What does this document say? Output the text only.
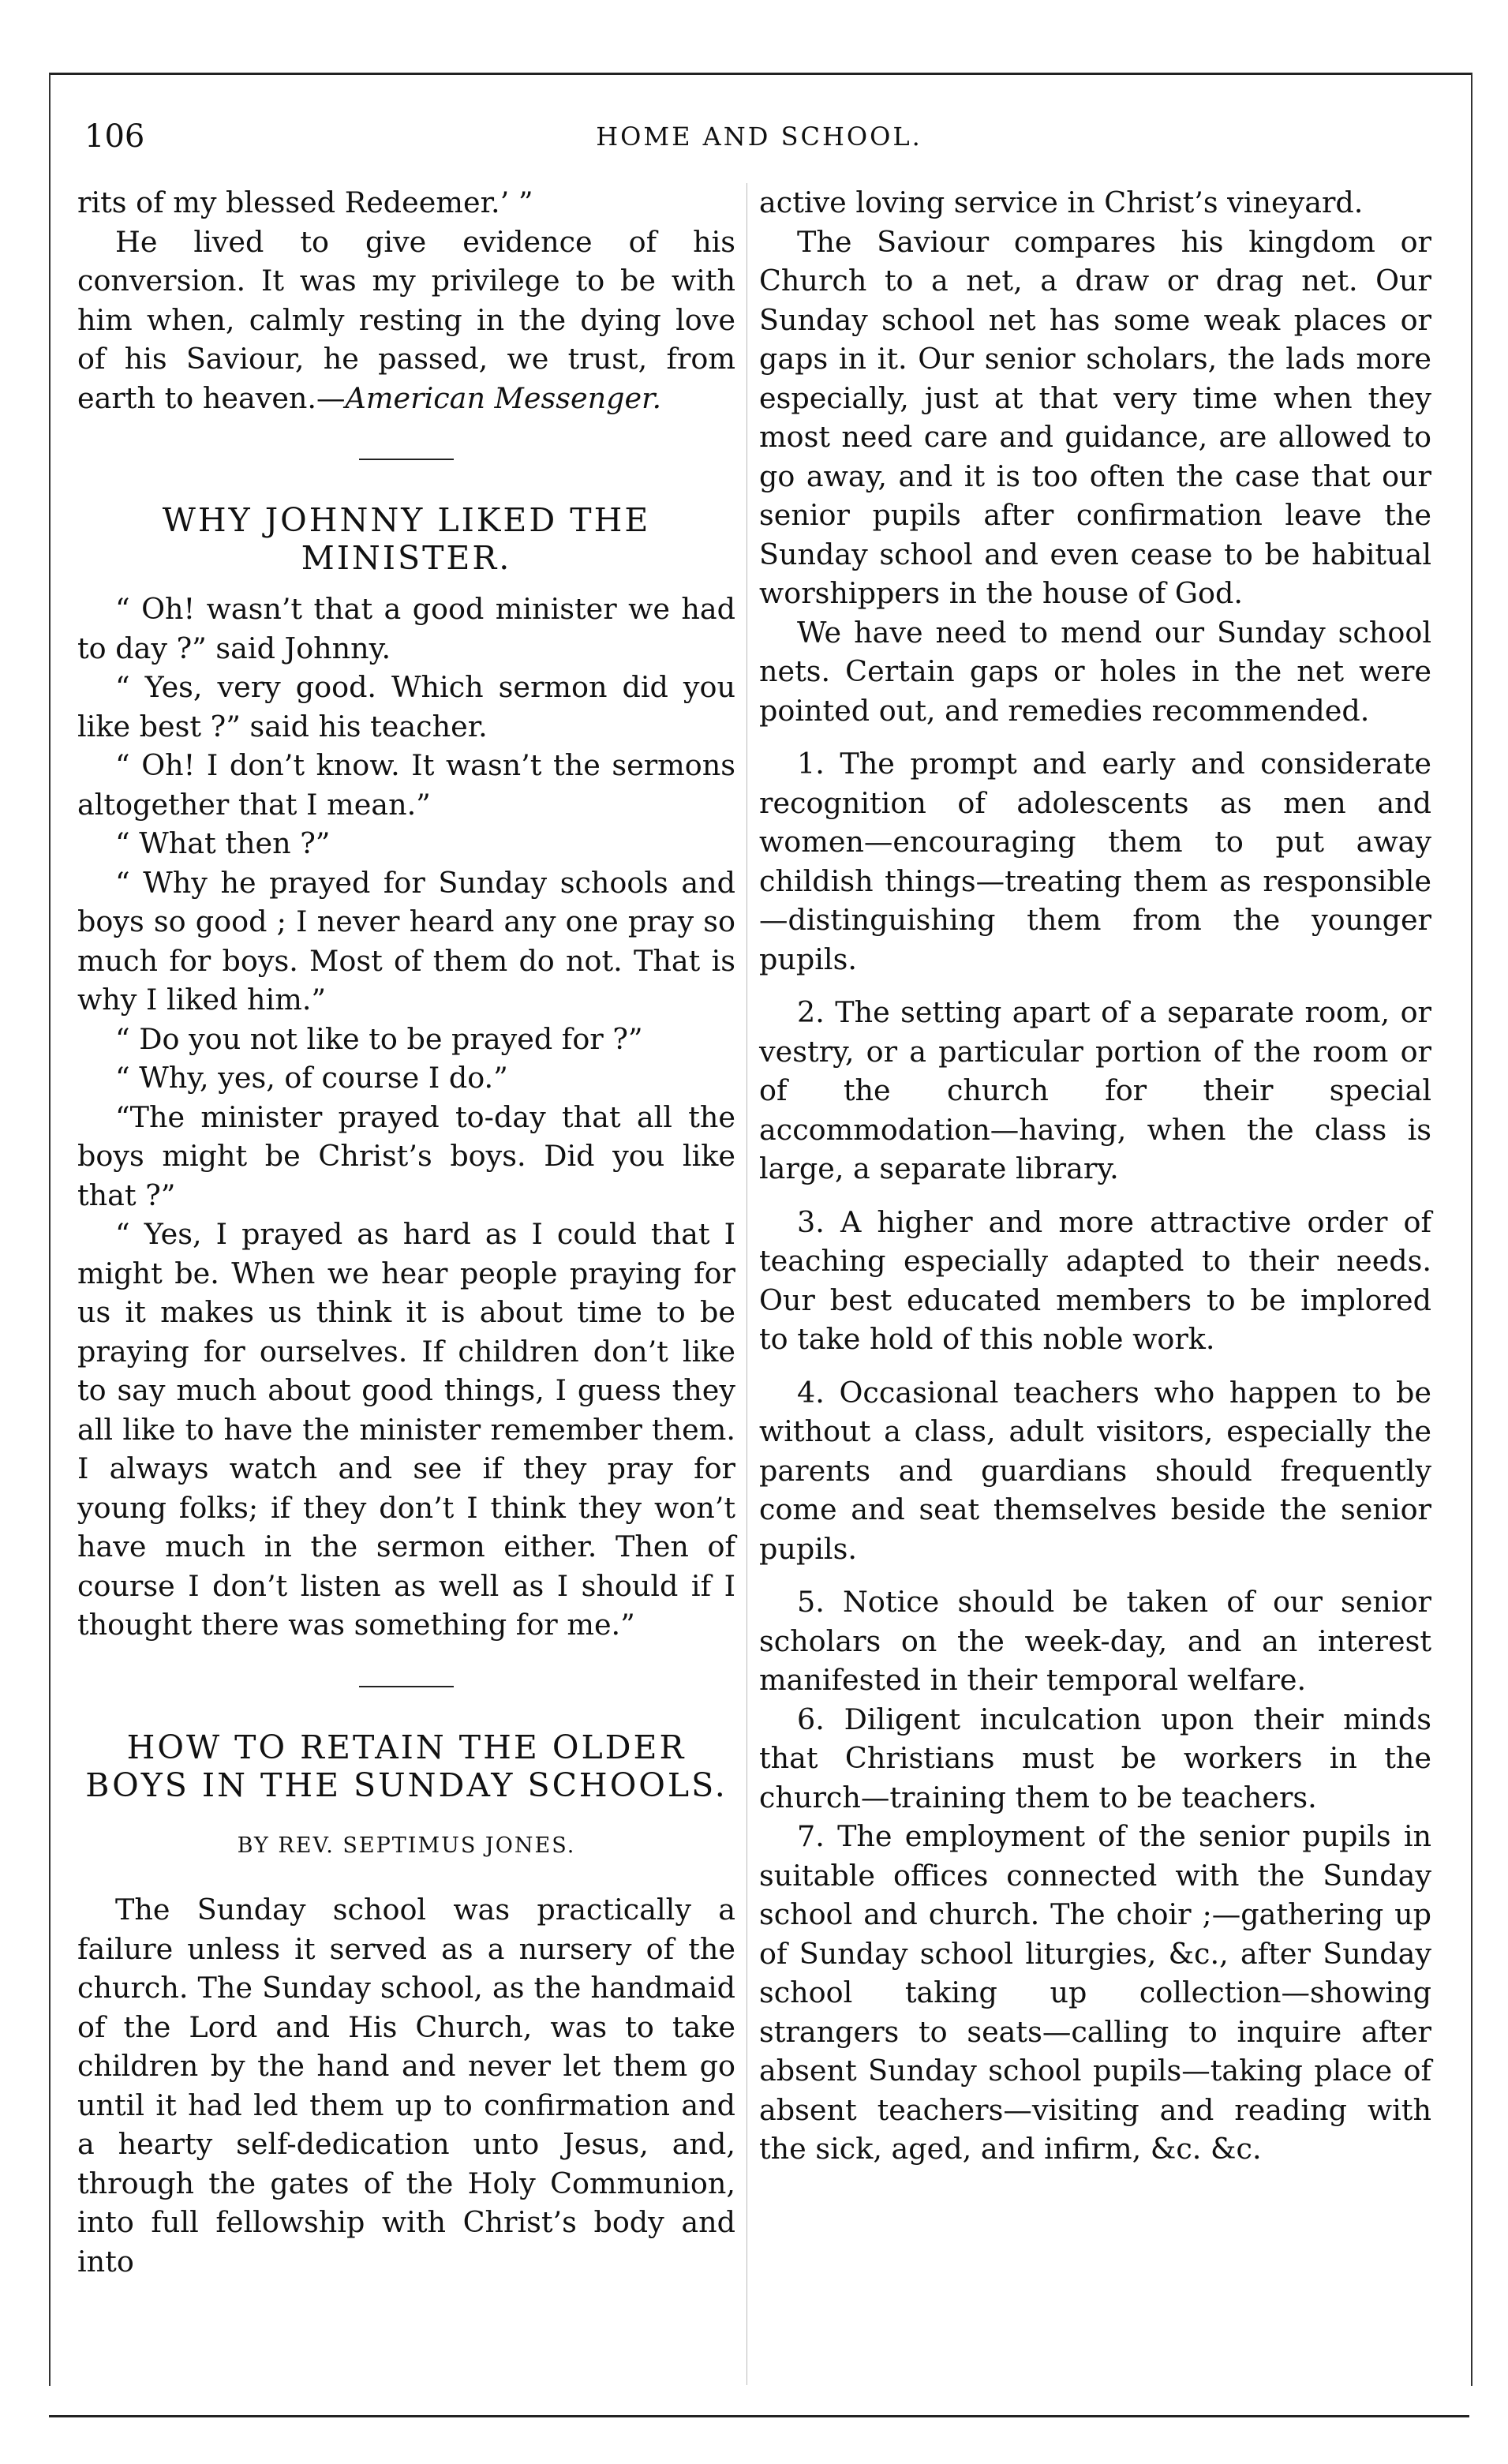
106	HOME AND SCHOOL.

rits of my blessed Redeemer.’ ”

He lived to give evidence of his conversion. It was my privilege to be with him when, calmly resting in the dying love of his Saviour, he passed, we trust, from earth to heaven.—American Messenger.

WHY JOHNNY LIKED THE MINISTER.

“ Oh! wasn’t that a good minister we had to day ?” said Johnny.

“ Yes, very good. Which sermon did you like best ?” said his teacher.

“ Oh! I don’t know. It wasn’t the sermons altogether that I mean.”

“ What then ?”

“ Why he prayed for Sunday schools and boys so good ; I never heard any one pray so much for boys. Most of them do not. That is why I liked him.”

“ Do you not like to be prayed for ?”

“ Why, yes, of course I do.”

“The minister prayed to-day that all the boys might be Christ’s boys. Did you like that ?”

“ Yes, I prayed as hard as I could that I might be. When we hear people praying for us it makes us think it is about time to be praying for ourselves. If children don’t like to say much about good things, I guess they all like to have the minister remember them. I always watch and see if they pray for young folks; if they don’t I think they won’t have much in the sermon either. Then of course I don’t listen as well as I should if I thought there was something for me.”

HOW TO RETAIN THE OLDER BOYS IN THE SUNDAY SCHOOLS.
BY REV. SEPTIMUS JONES.

The Sunday school was practically a failure unless it served as a nursery of the church. The Sunday school, as the handmaid of the Lord and His Church, was to take children by the hand and never let them go until it had led them up to confirmation and a hearty self-dedication unto Jesus, and, through the gates of the Holy Communion, into full fellowship with Christ’s body and into

active loving service in Christ’s vineyard.

The Saviour compares his kingdom or Church to a net, a draw or drag net. Our Sunday school net has some weak places or gaps in it. Our senior scholars, the lads more especially, just at that very time when they most need care and guidance, are allowed to go away, and it is too often the case that our senior pupils after confirmation leave the Sunday school and even cease to be habitual worshippers in the house of God.

We have need to mend our Sunday school nets. Certain gaps or holes in the net were pointed out, and remedies recommended.

1. The prompt and early and considerate recognition of adolescents as men and women—encouraging them to put away childish things—treating them as responsible—distinguishing them from the younger pupils.

2. The setting apart of a separate room, or vestry, or a particular portion of the room or of the church for their special accommodation—having, when the class is large, a separate library.

3. A higher and more attractive order of teaching especially adapted to their needs. Our best educated members to be implored to take hold of this noble work.

4. Occasional teachers who happen to be without a class, adult visitors, especially the parents and guardians should frequently come and seat themselves beside the senior pupils.

5. Notice should be taken of our senior scholars on the week-day, and an interest manifested in their temporal welfare.

6. Diligent inculcation upon their minds that Christians must be workers in the church—training them to be teachers.

7. The employment of the senior pupils in suitable offices connected with the Sunday school and church. The choir ;—gathering up of Sunday school liturgies, &c., after Sunday school taking up collection—showing strangers to seats—calling to inquire after absent Sunday school pupils—taking place of absent teachers—visiting and reading with the sick, aged, and infirm, &c. &c.
